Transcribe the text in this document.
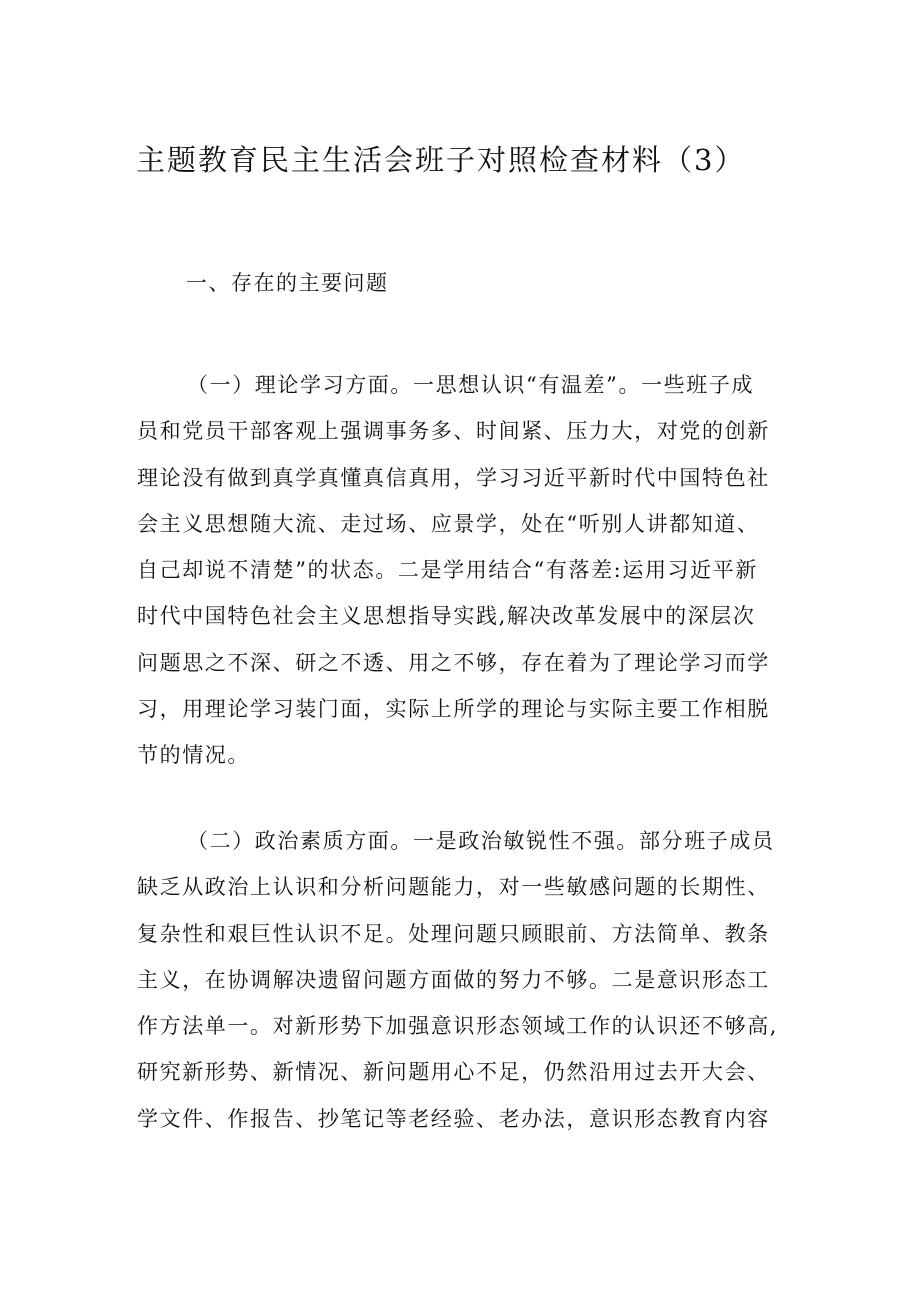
主题教育民主生活会班子对照检查材料（3）

一、存在的主要问题

（一）理论学习方面。一思想认识“有温差”。一些班子成
员和党员干部客观上强调事务多、时间紧、压力大，对党的创新
理论没有做到真学真懂真信真用，学习习近平新时代中国特色社
会主义思想随大流、走过场、应景学，处在“听别人讲都知道、
自己却说不清楚”的状态。二是学用结合“有落差:运用习近平新
时代中国特色社会主义思想指导实践,解决改革发展中的深层次
问题思之不深、研之不透、用之不够，存在着为了理论学习而学
习，用理论学习装门面，实际上所学的理论与实际主要工作相脱
节的情况。
（二）政治素质方面。一是政治敏锐性不强。部分班子成员
缺乏从政治上认识和分析问题能力，对一些敏感问题的长期性、
复杂性和艰巨性认识不足。处理问题只顾眼前、方法简单、教条
主义，在协调解决遗留问题方面做的努力不够。二是意识形态工
作方法单一。对新形势下加强意识形态领域工作的认识还不够高,
研究新形势、新情况、新问题用心不足，仍然沿用过去开大会、
学文件、作报告、抄笔记等老经验、老办法，意识形态教育内容
